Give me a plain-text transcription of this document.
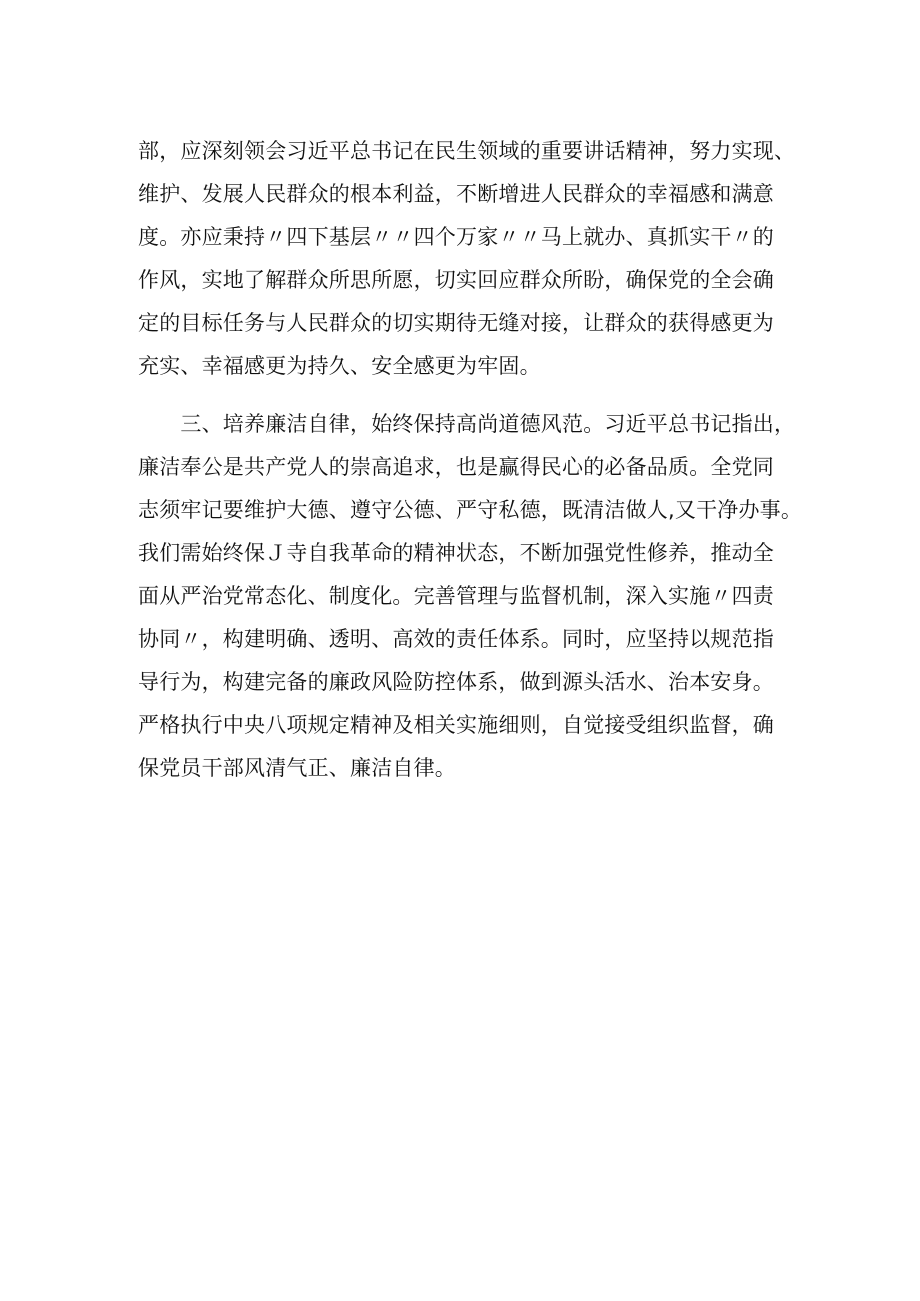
部，应深刻领会习近平总书记在民生领域的重要讲话精神，努力实现、
维护、发展人民群众的根本利益，不断增进人民群众的幸福感和满意
度。亦应秉持〃四下基层〃〃四个万家〃〃马上就办、真抓实干〃的
作风，实地了解群众所思所愿，切实回应群众所盼，确保党的全会确
定的目标任务与人民群众的切实期待无缝对接，让群众的获得感更为
充实、幸福感更为持久、安全感更为牢固。
　　三、培养廉洁自律，始终保持高尚道德风范。习近平总书记指出，
廉洁奉公是共产党人的崇高追求，也是赢得民心的必备品质。全党同
志须牢记要维护大德、遵守公德、严守私德，既清洁做人,又干净办事。
我们需始终保Ｊ寺自我革命的精神状态，不断加强党性修养，推动全
面从严治党常态化、制度化。完善管理与监督机制，深入实施〃四责
协同〃，构建明确、透明、高效的责任体系。同时，应坚持以规范指
导行为，构建完备的廉政风险防控体系，做到源头活水、治本安身。
严格执行中央八项规定精神及相关实施细则，自觉接受组织监督，确
保党员干部风清气正、廉洁自律。
